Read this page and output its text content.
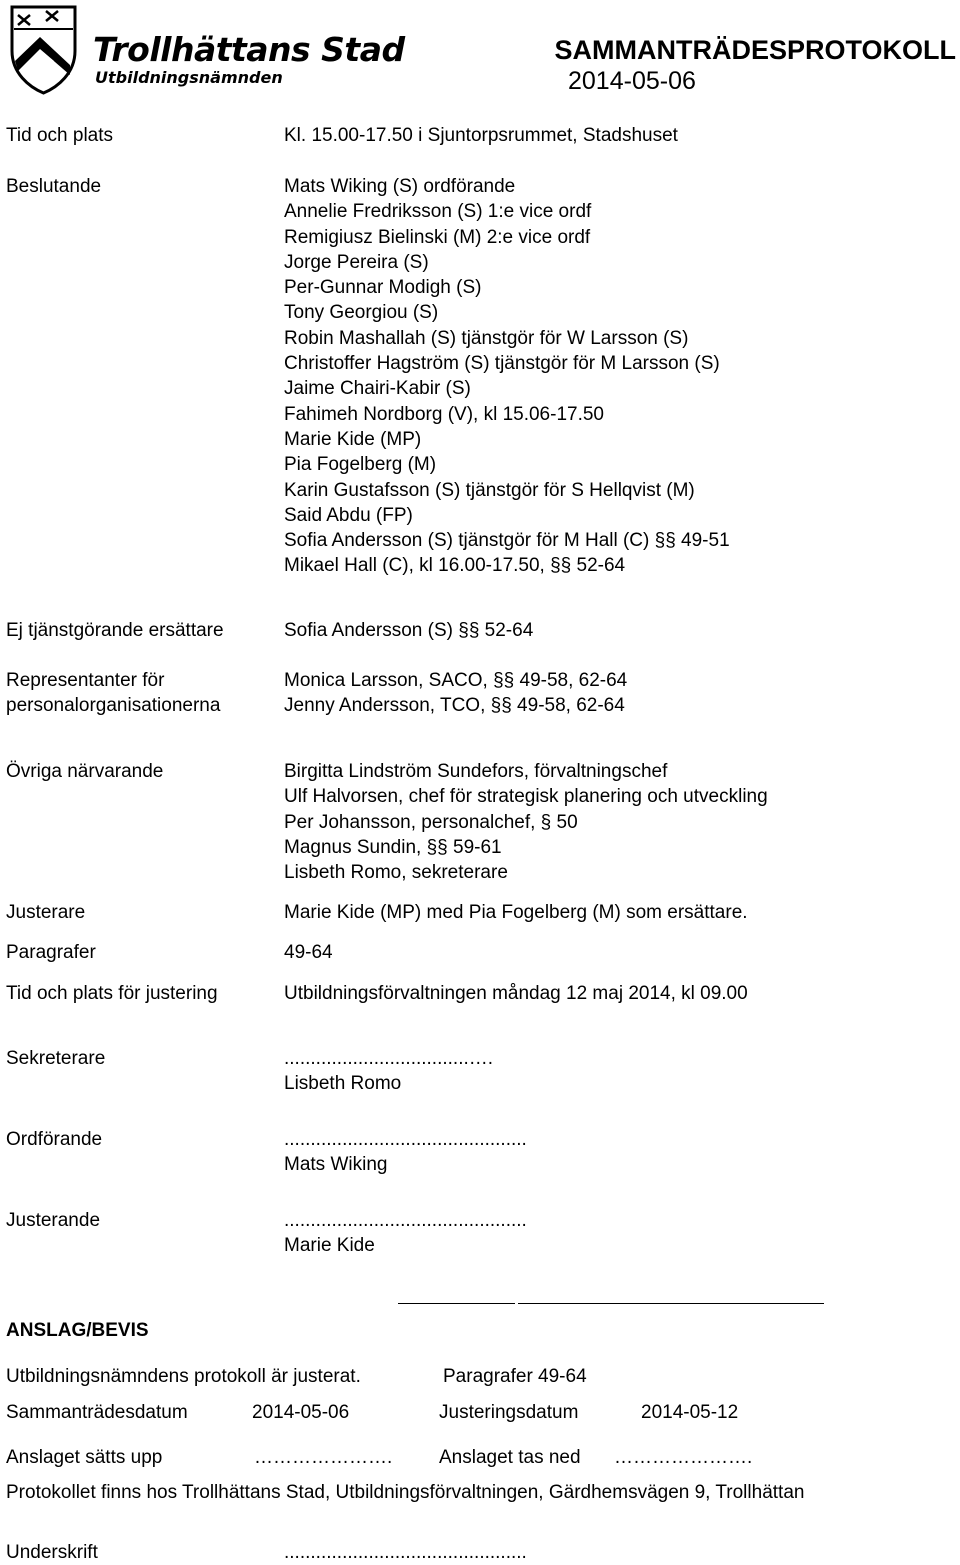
Trollhättans Stad
Utbildningsnämnden
SAMMANTRÄDESPROTOKOLL
2014-05-06
Tid och plats	Kl. 15.00-17.50 i Sjuntorpsrummet, Stadshuset
Beslutande	Mats Wiking (S) ordförande
Annelie Fredriksson (S) 1:e vice ordf
Remigiusz Bielinski (M) 2:e vice ordf
Jorge Pereira (S)
Per-Gunnar Modigh (S)
Tony Georgiou (S)
Robin Mashallah (S) tjänstgör för W Larsson (S)
Christoffer Hagström (S) tjänstgör för M Larsson (S)
Jaime Chairi-Kabir (S)
Fahimeh Nordborg (V), kl 15.06-17.50
Marie Kide (MP)
Pia Fogelberg (M)
Karin Gustafsson (S) tjänstgör för S Hellqvist (M)
Said Abdu (FP)
Sofia Andersson (S) tjänstgör för M Hall (C) §§ 49-51
Mikael Hall (C), kl 16.00-17.50, §§ 52-64
Ej tjänstgörande ersättare	Sofia Andersson (S) §§ 52-64
Representanter för
personalorganisationerna
Monica Larsson, SACO, §§ 49-58, 62-64
Jenny Andersson, TCO, §§ 49-58, 62-64
Övriga närvarande	Birgitta Lindström Sundefors, förvaltningschef
Ulf Halvorsen, chef för strategisk planering och utveckling
Per Johansson, personalchef, § 50
Magnus Sundin, §§ 59-61
Lisbeth Romo, sekreterare
Justerare	Marie Kide (MP) med Pia Fogelberg (M) som ersättare.
Paragrafer	49-64
Tid och plats för justering	Utbildningsförvaltningen måndag 12 maj 2014, kl 09.00
Sekreterare	...................................….
Lisbeth Romo
Ordförande	..............................................
Mats Wiking
Justerande	..............................................
Marie Kide
ANSLAG/BEVIS
Utbildningsnämndens protokoll är justerat.	Paragrafer 49-64
Sammanträdesdatum	2014-05-06	Justeringsdatum	2014-05-12
Anslaget sätts upp	…………………. Anslaget tas ned ………………….
Protokollet finns hos Trollhättans Stad, Utbildningsförvaltningen, Gärdhemsvägen 9, Trollhättan
Underskrift	..............................................
